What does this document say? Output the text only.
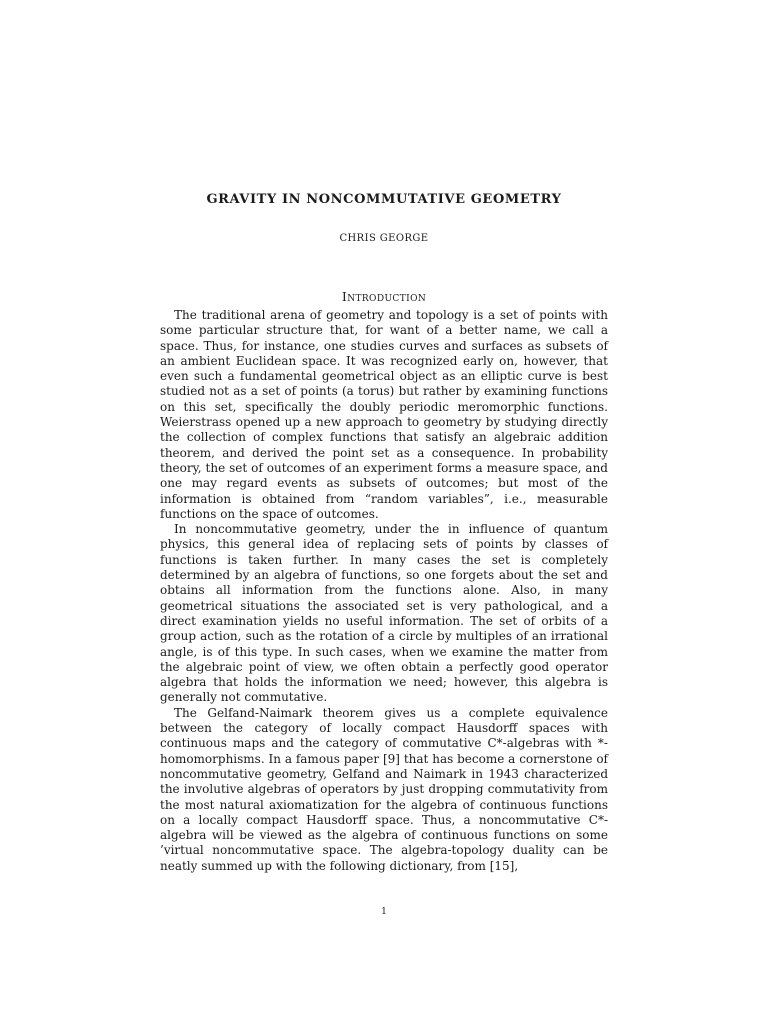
GRAVITY IN NONCOMMUTATIVE GEOMETRY
CHRIS GEORGE
Introduction

The traditional arena of geometry and topology is a set of points with some particular structure that, for want of a better name, we call a space. Thus, for instance, one studies curves and surfaces as subsets of an ambient Euclidean space. It was recognized early on, however, that even such a fundamental geometrical object as an elliptic curve is best studied not as a set of points (a torus) but rather by examining functions on this set, specifically the doubly periodic meromorphic functions. Weierstrass opened up a new approach to geometry by studying directly the collection of complex functions that satisfy an algebraic addition theorem, and derived the point set as a consequence. In probability theory, the set of outcomes of an experiment forms a measure space, and one may regard events as subsets of outcomes; but most of the information is obtained from “random variables”, i.e., measurable functions on the space of outcomes.

In noncommutative geometry, under the in influence of quantum physics, this general idea of replacing sets of points by classes of functions is taken further. In many cases the set is completely determined by an algebra of functions, so one forgets about the set and obtains all information from the functions alone. Also, in many geometrical situations the associated set is very pathological, and a direct examination yields no useful information. The set of orbits of a group action, such as the rotation of a circle by multiples of an irrational angle, is of this type. In such cases, when we examine the matter from the algebraic point of view, we often obtain a perfectly good operator algebra that holds the information we need; however, this algebra is generally not commutative.

The Gelfand-Naimark theorem gives us a complete equivalence between the category of locally compact Hausdorff spaces with continuous maps and the category of commutative C*-algebras with *-homomorphisms. In a famous paper [9] that has become a cornerstone of noncommutative geometry, Gelfand and Naimark in 1943 characterized the involutive algebras of operators by just dropping commutativity from the most natural axiomatization for the algebra of continuous functions on a locally compact Hausdorff space. Thus, a noncommutative C*-algebra will be viewed as the algebra of continuous functions on some ’virtual noncommutative space. The algebra-topology duality can be neatly summed up with the following dictionary, from [15],

1
